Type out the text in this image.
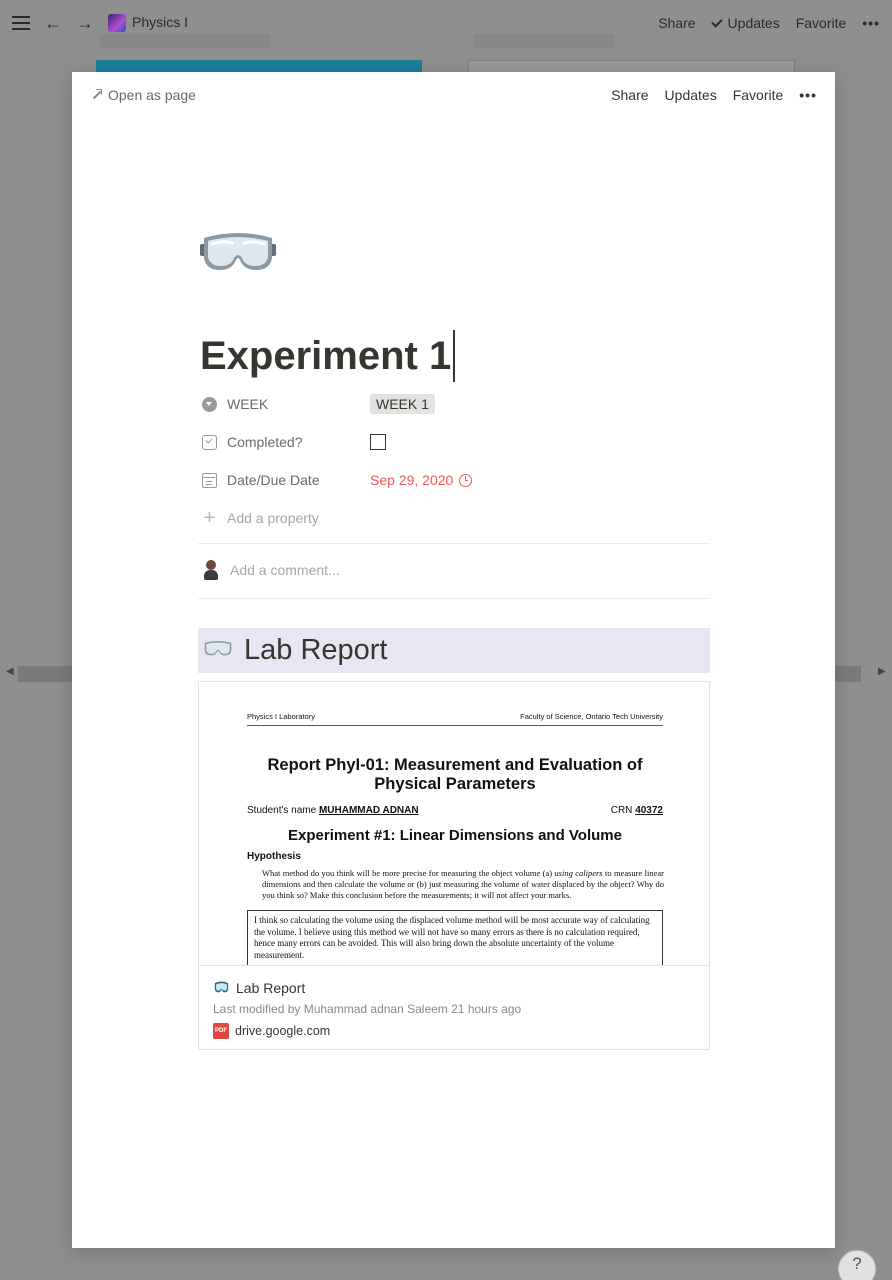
← →	Physics I	Share	Updates Favorite •••
◀	▶
?
Open as page	Share Updates Favorite •••
Experiment 1
WEEK	WEEK 1
Completed?
Date/Due Date	Sep 29, 2020
+ Add a property
Add a comment...
Lab Report
Physics I Laboratory	Faculty of Science, Ontario Tech University
Report PhyI-01: Measurement and Evaluation of Physical Parameters
Student's name MUHAMMAD ADNAN	CRN 40372
Experiment #1: Linear Dimensions and Volume
Hypothesis
What method do you think will be more precise for measuring the object volume (a) using calipers to measure linear dimensions and then calculate the volume or (b) just measuring the volume of water displaced by the object? Why do you think so? Make this conclusion before the measurements; it will not affect your marks.
I think so calculating the volume using the displaced volume method will be most accurate way of calculating the volume. I believe using this method we will not have so many errors as there is no calculation required, hence many errors can be avoided. This will also bring down the absolute uncertainty of the volume measurement.
Lab Report
Last modified by Muhammad adnan Saleem 21 hours ago
PDF drive.google.com
